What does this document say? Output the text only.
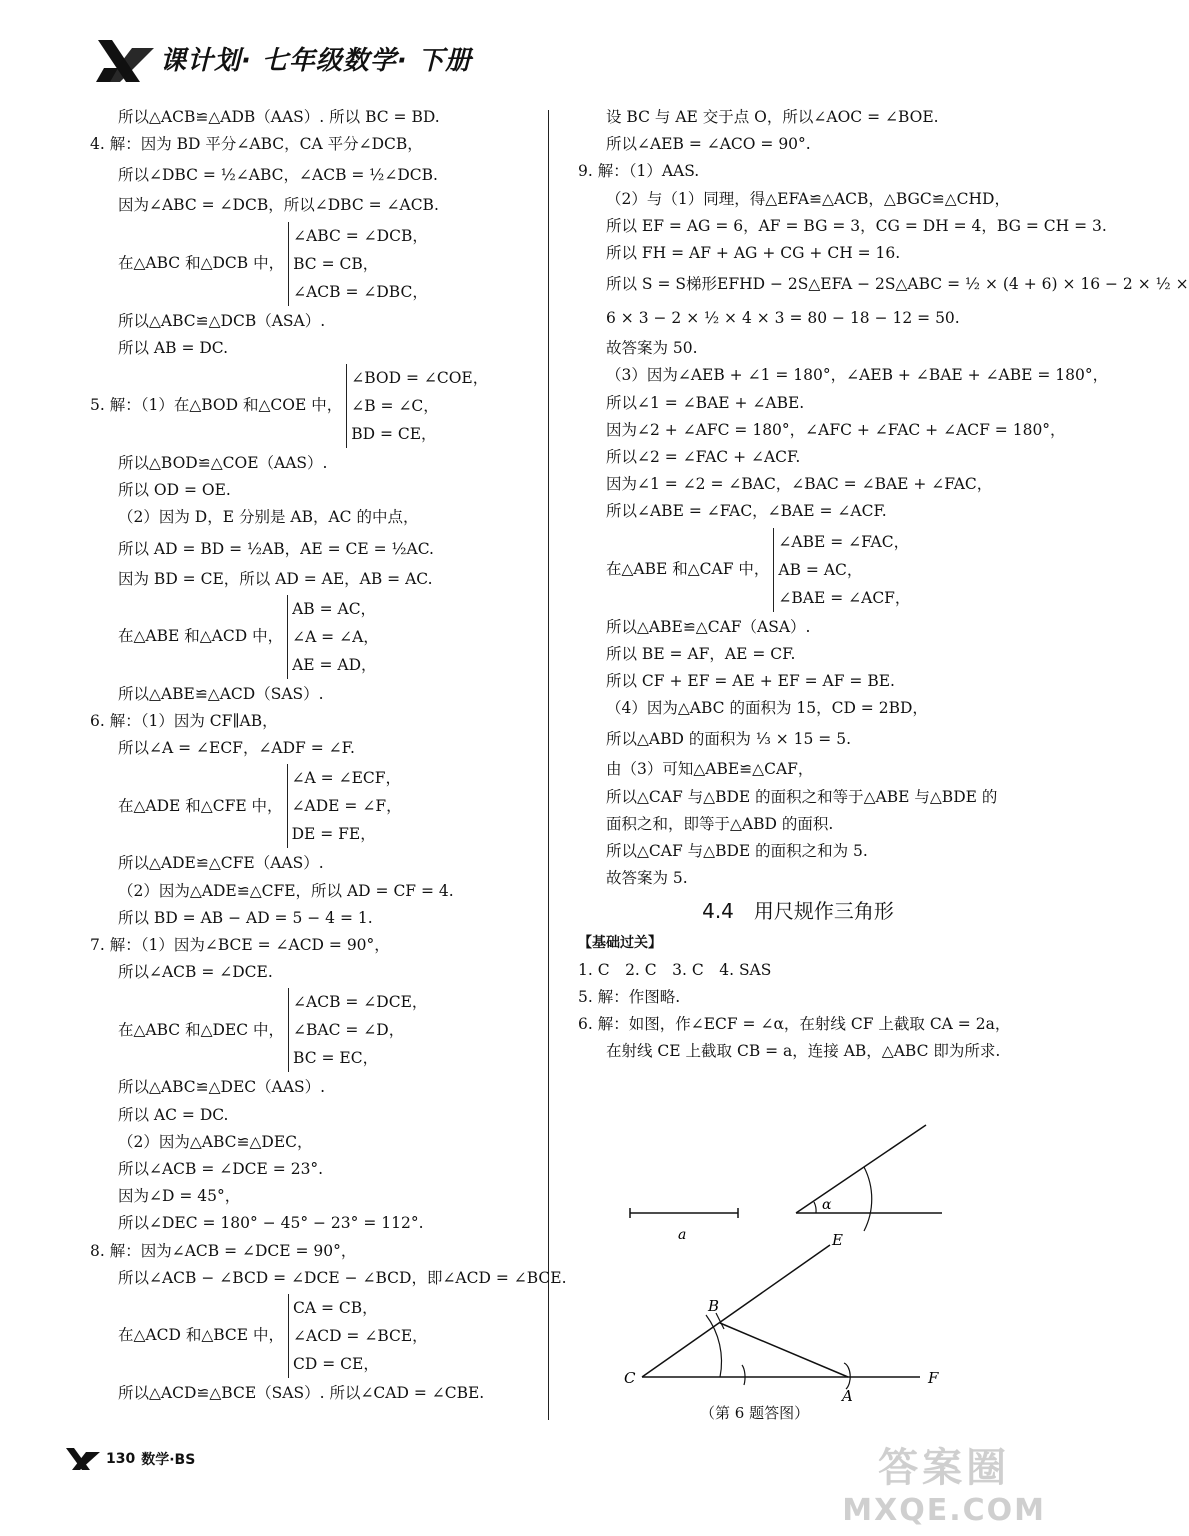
课计划· 七年级数学· 下册
所以△ACB≌△ADB（AAS）. 所以 BC = BD.
4. 解：因为 BD 平分∠ABC，CA 平分∠DCB，
所以∠DBC = ½∠ABC，∠ACB = ½∠DCB.
因为∠ABC = ∠DCB，所以∠DBC = ∠ACB.
在△ABC 和△DCB 中，
∠ABC = ∠DCB，
BC = CB，
∠ACB = ∠DBC，
所以△ABC≌△DCB（ASA）.
所以 AB = DC.
5. 解：（1）在△BOD 和△COE 中，
∠BOD = ∠COE，
∠B = ∠C，
BD = CE，
所以△BOD≌△COE（AAS）.
所以 OD = OE.
（2）因为 D，E 分别是 AB，AC 的中点，
所以 AD = BD = ½AB，AE = CE = ½AC.
因为 BD = CE，所以 AD = AE，AB = AC.
在△ABE 和△ACD 中，
AB = AC，
∠A = ∠A，
AE = AD，
所以△ABE≌△ACD（SAS）.
6. 解：（1）因为 CF∥AB，
所以∠A = ∠ECF，∠ADF = ∠F.
在△ADE 和△CFE 中，
∠A = ∠ECF，
∠ADE = ∠F，
DE = FE，
所以△ADE≌△CFE（AAS）.
（2）因为△ADE≌△CFE，所以 AD = CF = 4.
所以 BD = AB − AD = 5 − 4 = 1.
7. 解：（1）因为∠BCE = ∠ACD = 90°，
所以∠ACB = ∠DCE.
在△ABC 和△DEC 中，
∠ACB = ∠DCE，
∠BAC = ∠D，
BC = EC，
所以△ABC≌△DEC（AAS）.
所以 AC = DC.
（2）因为△ABC≌△DEC，
所以∠ACB = ∠DCE = 23°.
因为∠D = 45°，
所以∠DEC = 180° − 45° − 23° = 112°.
8. 解：因为∠ACB = ∠DCE = 90°，
所以∠ACB − ∠BCD = ∠DCE − ∠BCD，即∠ACD = ∠BCE.
在△ACD 和△BCE 中，
CA = CB，
∠ACD = ∠BCE，
CD = CE，
所以△ACD≌△BCE（SAS）. 所以∠CAD = ∠CBE.
设 BC 与 AE 交于点 O，所以∠AOC = ∠BOE.
所以∠AEB = ∠ACO = 90°.
9. 解：（1）AAS.
（2）与（1）同理，得△EFA≌△ACB，△BGC≌△CHD，
所以 EF = AG = 6，AF = BG = 3，CG = DH = 4，BG = CH = 3.
所以 FH = AF + AG + CG + CH = 16.
所以 S = S梯形EFHD − 2S△EFA − 2S△ABC = ½ × (4 + 6) × 16 − 2 × ½ ×
6 × 3 − 2 × ½ × 4 × 3 = 80 − 18 − 12 = 50.
故答案为 50.
（3）因为∠AEB + ∠1 = 180°，∠AEB + ∠BAE + ∠ABE = 180°，
所以∠1 = ∠BAE + ∠ABE.
因为∠2 + ∠AFC = 180°，∠AFC + ∠FAC + ∠ACF = 180°，
所以∠2 = ∠FAC + ∠ACF.
因为∠1 = ∠2 = ∠BAC，∠BAC = ∠BAE + ∠FAC，
所以∠ABE = ∠FAC，∠BAE = ∠ACF.
在△ABE 和△CAF 中，
∠ABE = ∠FAC，
AB = AC，
∠BAE = ∠ACF，
所以△ABE≌△CAF（ASA）.
所以 BE = AF，AE = CF.
所以 CF + EF = AE + EF = AF = BE.
（4）因为△ABC 的面积为 15，CD = 2BD，
所以△ABD 的面积为 ⅓ × 15 = 5.
由（3）可知△ABE≌△CAF，
所以△CAF 与△BDE 的面积之和等于△ABE 与△BDE 的
面积之和，即等于△ABD 的面积.
所以△CAF 与△BDE 的面积之和为 5.
故答案为 5.
4.4　用尺规作三角形
【基础过关】
1. C　2. C　3. C　4. SAS
5. 解：作图略.
6. 解：如图，作∠ECF = ∠α，在射线 CF 上截取 CA = 2a，
在射线 CE 上截取 CB = a，连接 AB，△ABC 即为所求.
a
α
E
B
C
A
F
（第 6 题答图）
130 数学·BS	答案圈
MXQE.COM
